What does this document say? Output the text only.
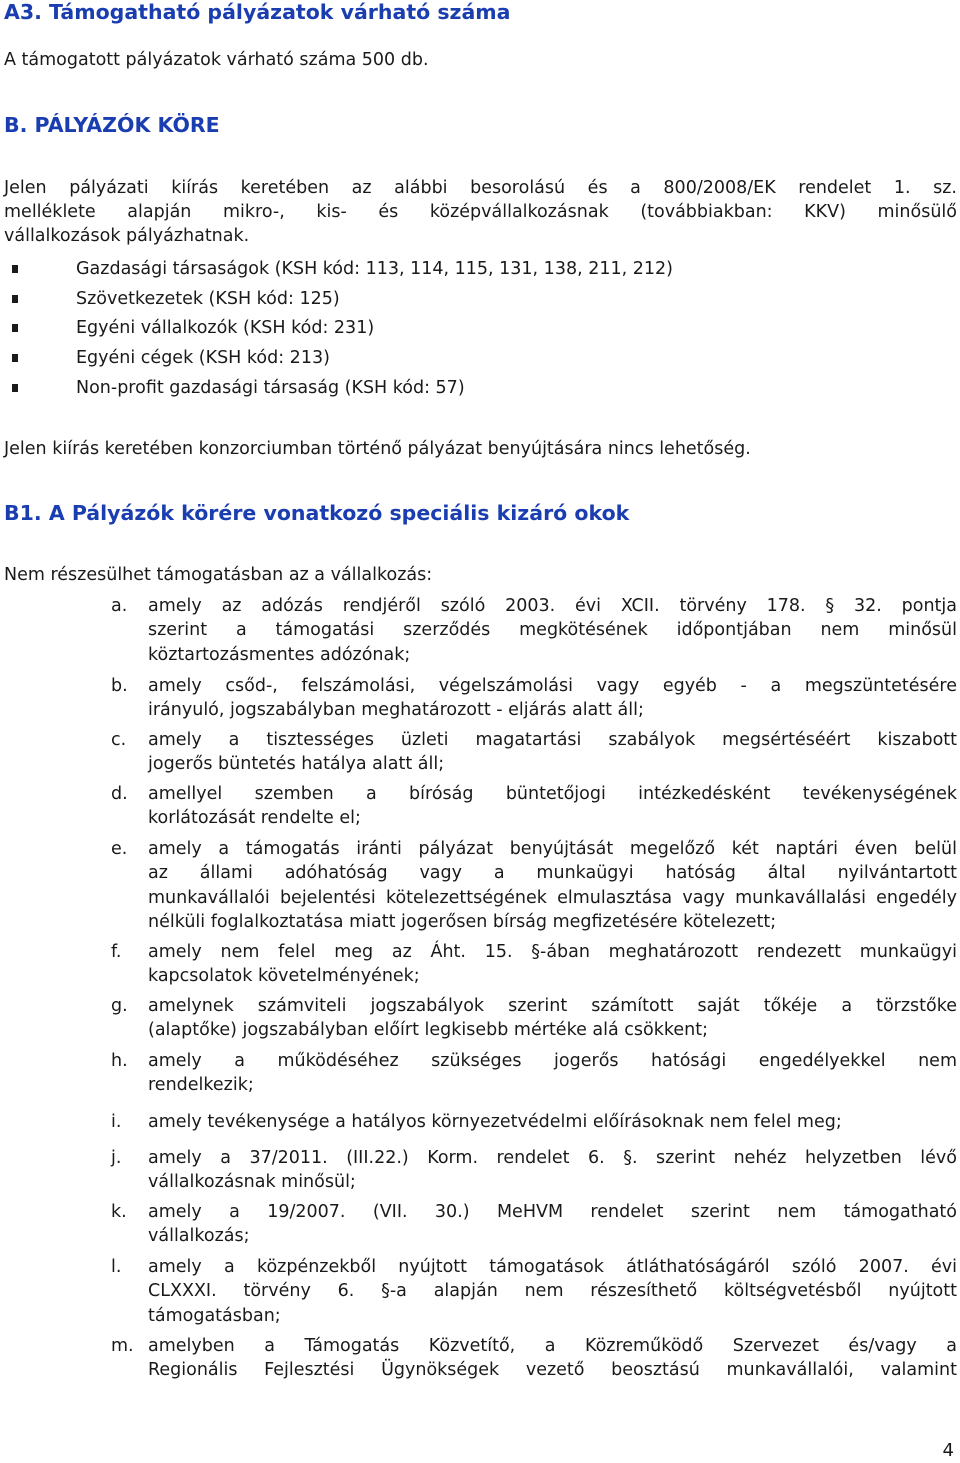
A3. Támogatható pályázatok várható száma
A támogatott pályázatok várható száma 500 db.
B. PÁLYÁZÓK KÖRE
Jelen pályázati kiírás keretében az alábbi besorolású és a 800/2008/EK rendelet 1. sz.
melléklete alapján mikro-, kis- és középvállalkozásnak (továbbiakban: KKV) minősülő
vállalkozások pályázhatnak.
Gazdasági társaságok (KSH kód: 113, 114, 115, 131, 138, 211, 212)
Szövetkezetek (KSH kód: 125)
Egyéni vállalkozók (KSH kód: 231)
Egyéni cégek (KSH kód: 213)
Non-profit gazdasági társaság (KSH kód: 57)
Jelen kiírás keretében konzorciumban történő pályázat benyújtására nincs lehetőség.
B1. A Pályázók körére vonatkozó speciális kizáró okok
Nem részesülhet támogatásban az a vállalkozás:
a. amely az adózás rendjéről szóló 2003. évi XCII. törvény 178. § 32. pontja
szerint a támogatási szerződés megkötésének időpontjában nem minősül
köztartozásmentes adózónak;
b. amely csőd-, felszámolási, végelszámolási vagy egyéb - a megszüntetésére
irányuló, jogszabályban meghatározott - eljárás alatt áll;
c. amely a tisztességes üzleti magatartási szabályok megsértéséért kiszabott
jogerős büntetés hatálya alatt áll;
d. amellyel szemben a bíróság büntetőjogi intézkedésként tevékenységének
korlátozását rendelte el;
e. amely a támogatás iránti pályázat benyújtását megelőző két naptári éven belül
az állami adóhatóság vagy a munkaügyi hatóság által nyilvántartott
munkavállalói bejelentési kötelezettségének elmulasztása vagy munkavállalási engedély
nélküli foglalkoztatása miatt jogerősen bírság megfizetésére kötelezett;
f. amely nem felel meg az Áht. 15. §-ában meghatározott rendezett munkaügyi
kapcsolatok követelményének;
g. amelynek számviteli jogszabályok szerint számított saját tőkéje a törzstőke
(alaptőke) jogszabályban előírt legkisebb mértéke alá csökkent;
h. amely a működéséhez szükséges jogerős hatósági engedélyekkel nem
rendelkezik;
i. amely tevékenysége a hatályos környezetvédelmi előírásoknak nem felel meg;
j. amely a 37/2011. (III.22.) Korm. rendelet 6. §. szerint nehéz helyzetben lévő
vállalkozásnak minősül;
k. amely a 19/2007. (VII. 30.) MeHVM rendelet szerint nem támogatható
vállalkozás;
l. amely a közpénzekből nyújtott támogatások átláthatóságáról szóló 2007. évi
CLXXXI. törvény 6. §-a alapján nem részesíthető költségvetésből nyújtott
támogatásban;
m. amelyben a Támogatás Közvetítő, a Közreműködő Szervezet és/vagy a
Regionális Fejlesztési Ügynökségek vezető beosztású munkavállalói, valamint
4
